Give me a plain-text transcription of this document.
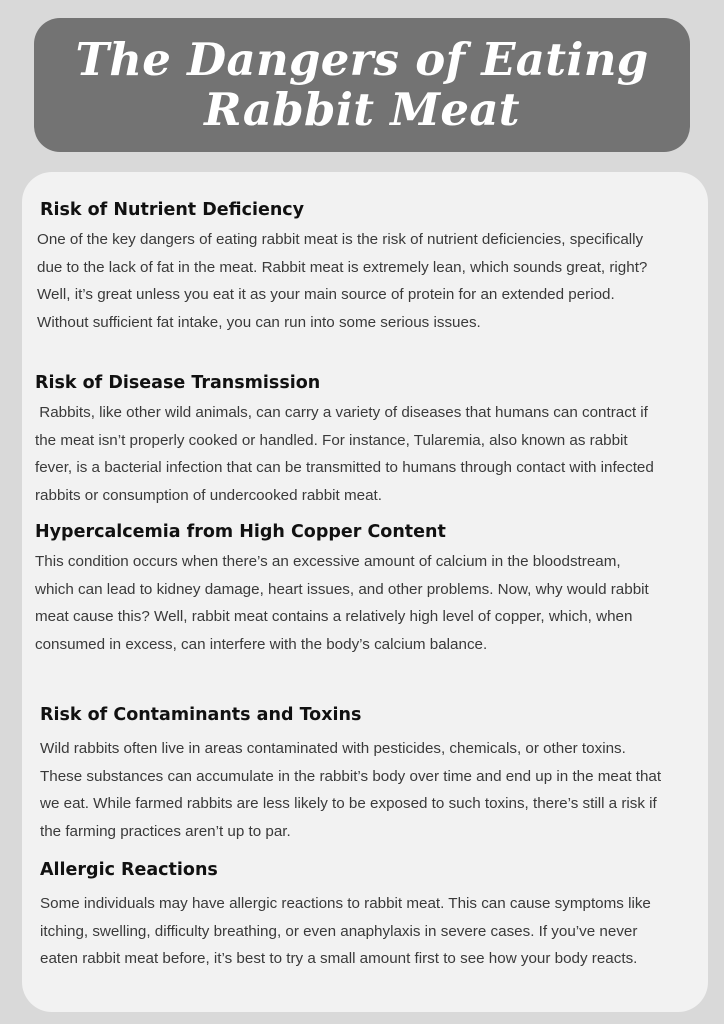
The Dangers of Eating Rabbit Meat
Risk of Nutrient Deficiency

One of the key dangers of eating rabbit meat is the risk of nutrient deficiencies, specifically due to the lack of fat in the meat. Rabbit meat is extremely lean, which sounds great, right? Well, it’s great unless you eat it as your main source of protein for an extended period. Without sufficient fat intake, you can run into some serious issues.

Risk of Disease Transmission

Rabbits, like other wild animals, can carry a variety of diseases that humans can contract if the meat isn’t properly cooked or handled. For instance, Tularemia, also known as rabbit fever, is a bacterial infection that can be transmitted to humans through contact with infected rabbits or consumption of undercooked rabbit meat.

Hypercalcemia from High Copper Content

This condition occurs when there’s an excessive amount of calcium in the bloodstream, which can lead to kidney damage, heart issues, and other problems. Now, why would rabbit meat cause this? Well, rabbit meat contains a relatively high level of copper, which, when consumed in excess, can interfere with the body’s calcium balance.

Risk of Contaminants and Toxins

Wild rabbits often live in areas contaminated with pesticides, chemicals, or other toxins. These substances can accumulate in the rabbit’s body over time and end up in the meat that we eat. While farmed rabbits are less likely to be exposed to such toxins, there’s still a risk if the farming practices aren’t up to par.

Allergic Reactions

Some individuals may have allergic reactions to rabbit meat. This can cause symptoms like itching, swelling, difficulty breathing, or even anaphylaxis in severe cases. If you’ve never eaten rabbit meat before, it’s best to try a small amount first to see how your body reacts.
